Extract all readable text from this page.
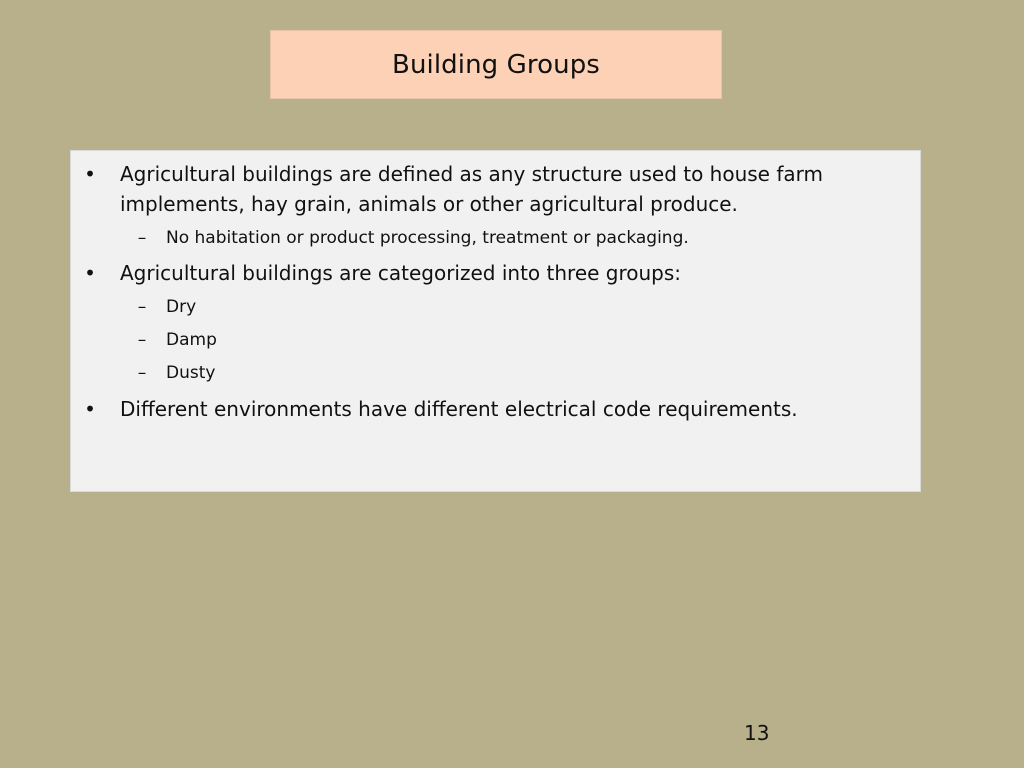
Building Groups
• Agricultural buildings are defined as any structure used to house farm implements, hay grain, animals or other agricultural produce.
–	No habitation or product processing, treatment or packaging.
• Agricultural buildings are categorized into three groups:
–	Dry
–	Damp
–	Dusty
• Different environments have different electrical code requirements.
13
